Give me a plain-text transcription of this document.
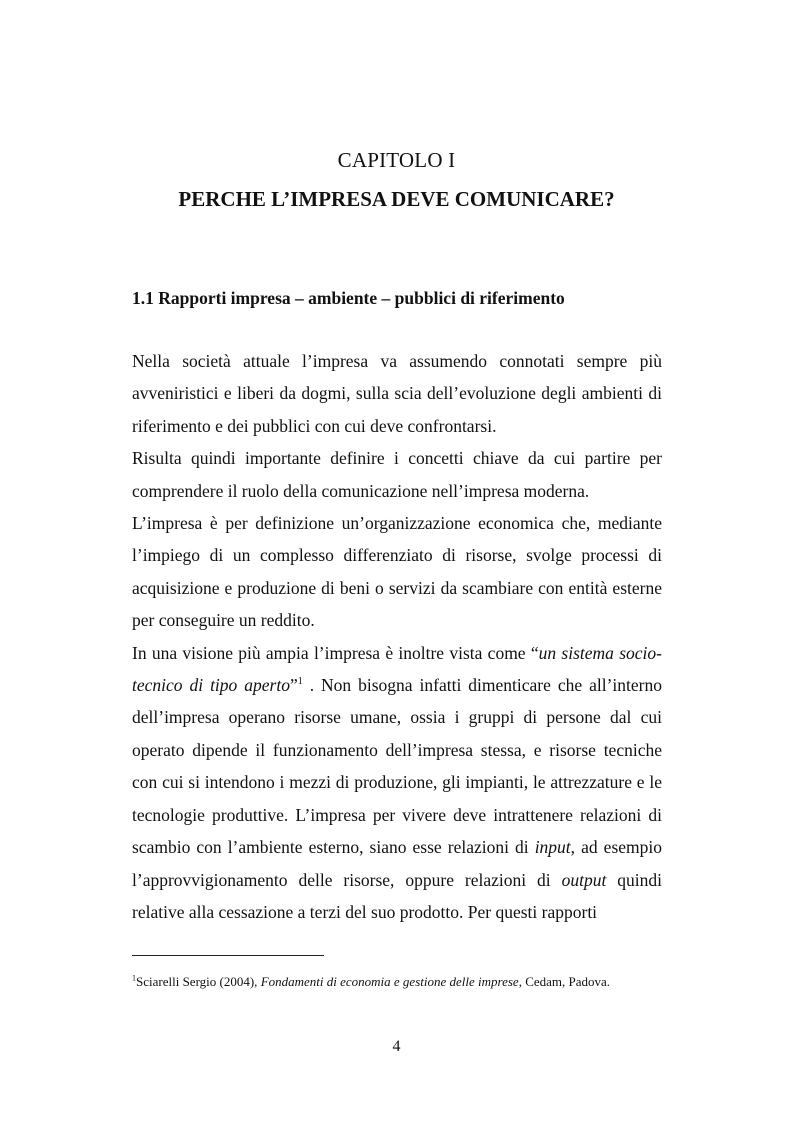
CAPITOLO I
PERCHE L’IMPRESA DEVE COMUNICARE?
1.1 Rapporti impresa – ambiente – pubblici di riferimento

Nella società attuale l’impresa va assumendo connotati sempre più avveniristici e liberi da dogmi, sulla scia dell’evoluzione degli ambienti di riferimento e dei pubblici con cui deve confrontarsi.

Risulta quindi importante definire i concetti chiave da cui partire per comprendere il ruolo della comunicazione nell’impresa moderna.

L’impresa è per definizione un’organizzazione economica che, mediante l’impiego di un complesso differenziato di risorse, svolge processi di acquisizione e produzione di beni o servizi da scambiare con entità esterne per conseguire un reddito.

In una visione più ampia l’impresa è inoltre vista come “un sistema socio-tecnico di tipo aperto”$^1$ . Non bisogna infatti dimenticare che all’interno dell’impresa operano risorse umane, ossia i gruppi di persone dal cui operato dipende il funzionamento dell’impresa stessa, e risorse tecniche con cui si intendono i mezzi di produzione, gli impianti, le attrezzature e le tecnologie produttive. L’impresa per vivere deve intrattenere relazioni di scambio con l’ambiente esterno, siano esse relazioni di input, ad esempio l’approvvigionamento delle risorse, oppure relazioni di output quindi relative alla cessazione a terzi del suo prodotto. Per questi rapporti

$^1$Sciarelli Sergio (2004), Fondamenti di economia e gestione delle imprese, Cedam, Padova.
4
